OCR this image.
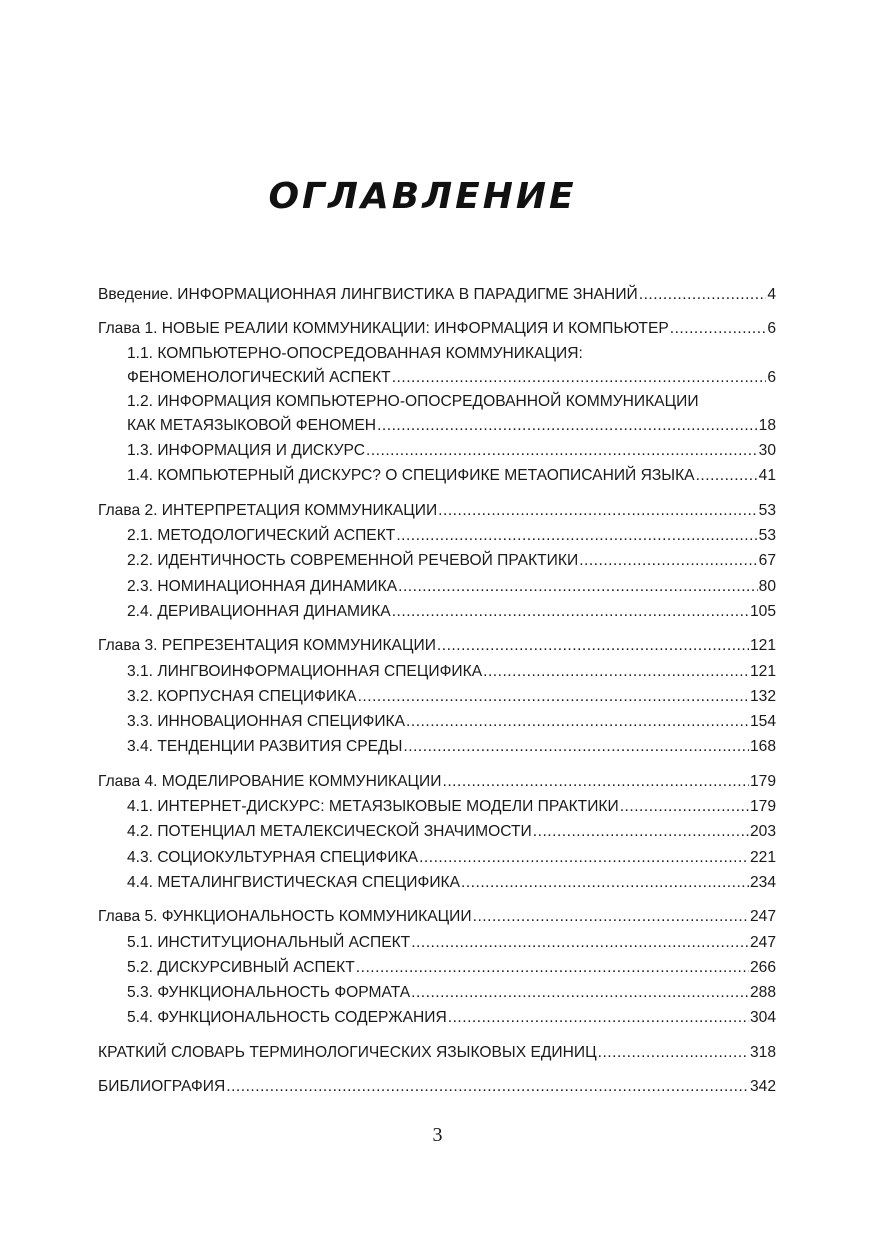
ОГЛАВЛЕНИЕ
Введение. ИНФОРМАЦИОННАЯ ЛИНГВИСТИКА В ПАРАДИГМЕ ЗНАНИЙ .....	4
Глава 1. НОВЫЕ РЕАЛИИ КОММУНИКАЦИИ: ИНФОРМАЦИЯ И КОМПЬЮТЕР .....	6
1.1. КОМПЬЮТЕРНО-ОПОСРЕДОВАННАЯ КОММУНИКАЦИЯ:
ФЕНОМЕНОЛОГИЧЕСКИЙ АСПЕКТ .....	6
1.2. ИНФОРМАЦИЯ КОМПЬЮТЕРНО-ОПОСРЕДОВАННОЙ КОММУНИКАЦИИ
КАК МЕТАЯЗЫКОВОЙ ФЕНОМЕН .....	18
1.3. ИНФОРМАЦИЯ И ДИСКУРС .....	30
1.4. КОМПЬЮТЕРНЫЙ ДИСКУРС? О СПЕЦИФИКЕ МЕТАОПИСАНИЙ ЯЗЫКА .....	41
Глава 2. ИНТЕРПРЕТАЦИЯ КОММУНИКАЦИИ .....	53
2.1. МЕТОДОЛОГИЧЕСКИЙ АСПЕКТ .....	53
2.2. ИДЕНТИЧНОСТЬ СОВРЕМЕННОЙ РЕЧЕВОЙ ПРАКТИКИ .....	67
2.3. НОМИНАЦИОННАЯ ДИНАМИКА .....	80
2.4. ДЕРИВАЦИОННАЯ ДИНАМИКА .....	105
Глава 3. РЕПРЕЗЕНТАЦИЯ КОММУНИКАЦИИ .....	121
3.1. ЛИНГВОИНФОРМАЦИОННАЯ СПЕЦИФИКА .....	121
3.2. КОРПУСНАЯ СПЕЦИФИКА .....	132
3.3. ИННОВАЦИОННАЯ СПЕЦИФИКА .....	154
3.4. ТЕНДЕНЦИИ РАЗВИТИЯ СРЕДЫ .....	168
Глава 4. МОДЕЛИРОВАНИЕ КОММУНИКАЦИИ .....	179
4.1. ИНТЕРНЕТ-ДИСКУРС: МЕТАЯЗЫКОВЫЕ МОДЕЛИ ПРАКТИКИ .....	179
4.2. ПОТЕНЦИАЛ МЕТАЛЕКСИЧЕСКОЙ ЗНАЧИМОСТИ .....	203
4.3. СОЦИОКУЛЬТУРНАЯ СПЕЦИФИКА .....	221
4.4. МЕТАЛИНГВИСТИЧЕСКАЯ СПЕЦИФИКА .....	234
Глава 5. ФУНКЦИОНАЛЬНОСТЬ КОММУНИКАЦИИ .....	247
5.1. ИНСТИТУЦИОНАЛЬНЫЙ АСПЕКТ .....	247
5.2. ДИСКУРСИВНЫЙ АСПЕКТ .....	266
5.3. ФУНКЦИОНАЛЬНОСТЬ ФОРМАТА .....	288
5.4. ФУНКЦИОНАЛЬНОСТЬ СОДЕРЖАНИЯ .....	304
КРАТКИЙ СЛОВАРЬ ТЕРМИНОЛОГИЧЕСКИХ ЯЗЫКОВЫХ ЕДИНИЦ .....	318
БИБЛИОГРАФИЯ .....	342
3
